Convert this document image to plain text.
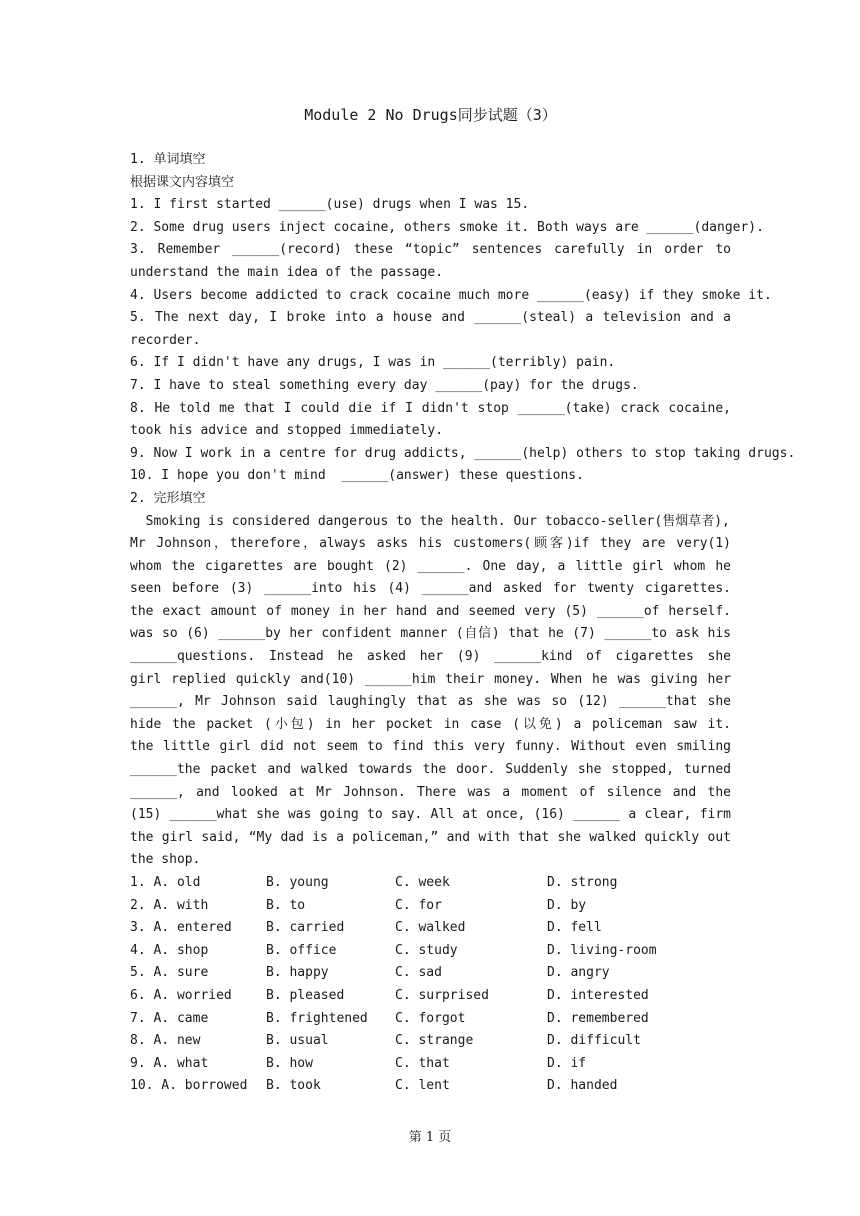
Module 2 No Drugs同步试题（3）
1. 单词填空
根据课文内容填空
1. I first started ______(use) drugs when I was 15.
2. Some drug users inject cocaine, others smoke it. Both ways are ______(danger).
3. Remember ______(record) these “topic” sentences carefully in order to
understand the main idea of the passage.
4. Users become addicted to crack cocaine much more ______(easy) if they smoke it.
5. The next day, I broke into a house and ______(steal) a television and a
recorder.
6. If I didn't have any drugs, I was in ______(terribly) pain.
7. I have to steal something every day ______(pay) for the drugs.
8. He told me that I could die if I didn't stop ______(take) crack cocaine,
took his advice and stopped immediately.
9. Now I work in a centre for drug addicts, ______(help) others to stop taking drugs.
10. I hope you don't mind  ______(answer) these questions.
2. 完形填空
Smoking is considered dangerous to the health. Our tobacco-seller(售烟草者),
Mr Johnson，therefore，always asks his customers(顾客)if they are very(1)
whom the cigarettes are bought (2) ______. One day, a little girl whom he
seen before (3) ______into his (4) ______and asked for twenty cigarettes.
the exact amount of money in her hand and seemed very (5) ______of herself.
was so (6) ______by her confident manner (自信) that he (7) ______to ask his
______questions. Instead he asked her (9) ______kind of cigarettes she
girl replied quickly and(10) ______him their money. When he was giving her
______, Mr Johnson said laughingly that as she was so (12) ______that she
hide the packet (小包) in her pocket in case (以免) a policeman saw it.
the little girl did not seem to find this very funny. Without even smiling
______the packet and walked towards the door. Suddenly she stopped, turned
______, and looked at Mr Johnson. There was a moment of silence and the
(15) ______what she was going to say. All at once, (16) ______ a clear, firm
the girl said, “My dad is a policeman,” and with that she walked quickly out
the shop.
1. A. old	B. young	C. week	D. strong
2. A. with	B. to	C. for	D. by
3. A. entered	B. carried	C. walked	D. fell
4. A. shop	B. office	C. study	D. living-room
5. A. sure	B. happy	C. sad	D. angry
6. A. worried	B. pleased	C. surprised	D. interested
7. A. came	B. frightened	C. forgot	D. remembered
8. A. new	B. usual	C. strange	D. difficult
9. A. what	B. how	C. that	D. if
10. A. borrowed	B. took	C. lent	D. handed
第 1 页
